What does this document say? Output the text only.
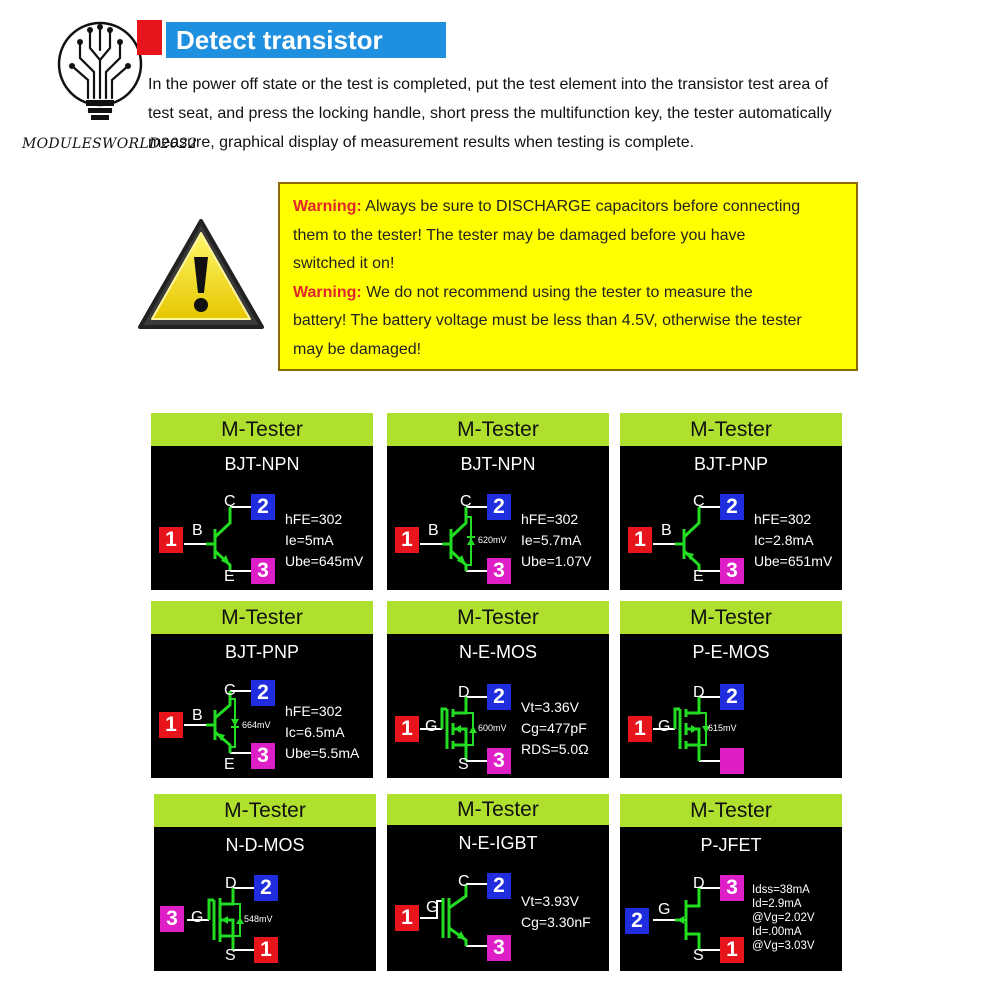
MODULESWORLD2022
Detect transistor

In the power off state or the test is completed, put the test element into the transistor test area of

test seat, and press the locking handle, short press the multifunction key, the tester automatically

measure, graphical display of measurement results when testing is complete.

Warning: Always be sure to DISCHARGE capacitors before connecting

them to the tester! The tester may be damaged before you have

switched it on!

Warning: We do not recommend using the tester to measure the

battery! The battery voltage must be less than 4.5V, otherwise the tester

may be damaged!

M-Tester
BJT-NPN
1
2
3
B
C
E
hFE=302
Ie=5mA
Ube=645mV
M-Tester
BJT-NPN
620mV
1
2
3
B
C
hFE=302
Ie=5.7mA
Ube=1.07V
M-Tester
BJT-PNP
1
2
3
B
C
E
hFE=302
Ic=2.8mA
Ube=651mV
M-Tester
BJT-PNP
664mV
1
2
3
B
C
E
hFE=302
Ic=6.5mA
Ube=5.5mA
M-Tester
N-E-MOS
600mV
1
2
3
G
D
S
Vt=3.36V
Cg=477pF
RDS=5.0Ω
M-Tester
P-E-MOS
615mV
1
2
G
D
M-Tester
N-D-MOS
548mV
3
2
1
G
D
S
M-Tester
N-E-IGBT
1
2
3
G
C
Vt=3.93V
Cg=3.30nF
M-Tester
P-JFET
2
3
1
G
D
S
Idss=38mA
Id=2.9mA
@Vg=2.02V
Id=.00mA
@Vg=3.03V
